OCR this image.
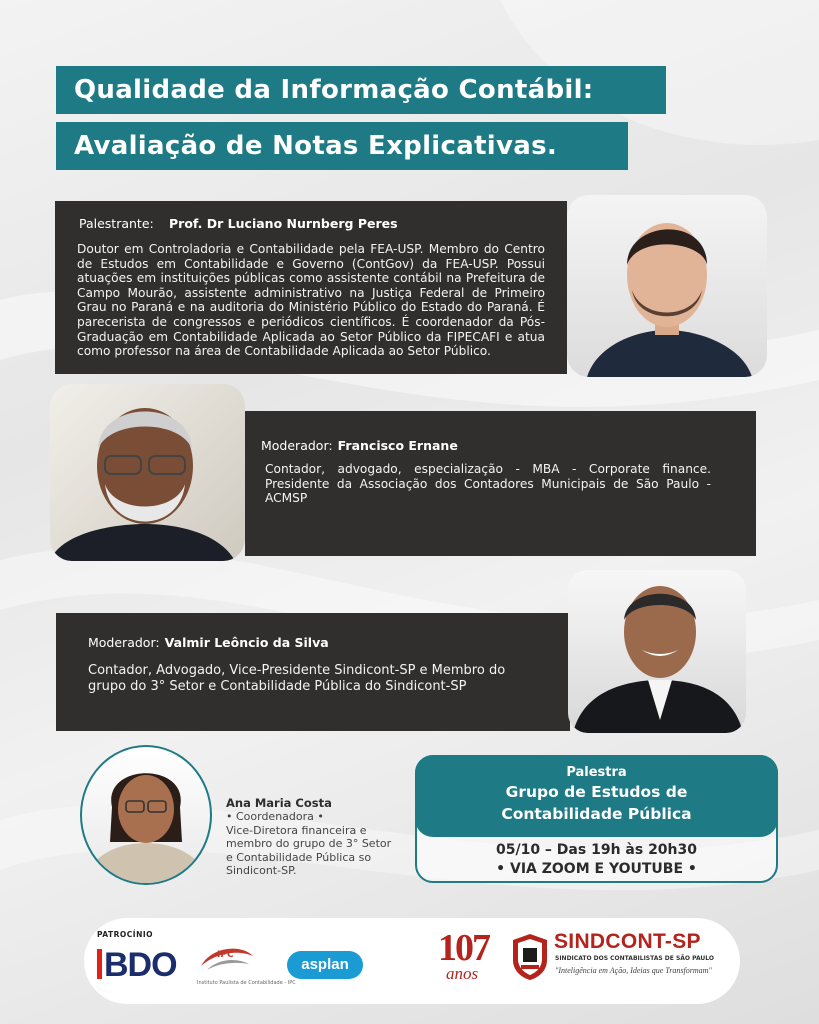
Qualidade da Informação Contábil:
Avaliação de Notas Explicativas.
Palestrante: Prof. Dr Luciano Nurnberg Peres
Doutor em Controladoria e Contabilidade pela FEA-USP. Membro do Centro de Estudos em Contabilidade e Governo (ContGov) da FEA-USP. Possui atuações em instituições públicas como assistente contábil na Prefeitura de Campo Mourão, assistente administrativo na Justiça Federal de Primeiro Grau no Paraná e na auditoria do Ministério Público do Estado do Paraná. É parecerista de congressos e periódicos científicos. É coordenador da Pós-Graduação em Contabilidade Aplicada ao Setor Público da FIPECAFI e atua como professor na área de Contabilidade Aplicada ao Setor Público.
Moderador: Francisco Ernane
Contador, advogado, especialização - MBA - Corporate finance. Presidente da Associação dos Contadores Municipais de São Paulo - ACMSP
Moderador: Valmir Leôncio da Silva
Contador, Advogado, Vice-Presidente Sindicont-SP e Membro do grupo do 3° Setor e Contabilidade Pública do Sindicont-SP
Ana Maria Costa
• Coordenadora •
Vice-Diretora financeira e membro do grupo de 3° Setor e Contabilidade Pública so Sindicont-SP.
Palestra
Grupo de Estudos de
Contabilidade Pública
05/10 – Das 19h às 20h30
• VIA ZOOM E YOUTUBE •
PATROCÍNIO
BDO	IPC
Instituto Paulista de Contabilidade - IPC
asplan	107
anos
SINDCONT-SP
SINDICATO DOS CONTABILISTAS DE SÃO PAULO
"Inteligência em Ação, Ideias que Transformam"
